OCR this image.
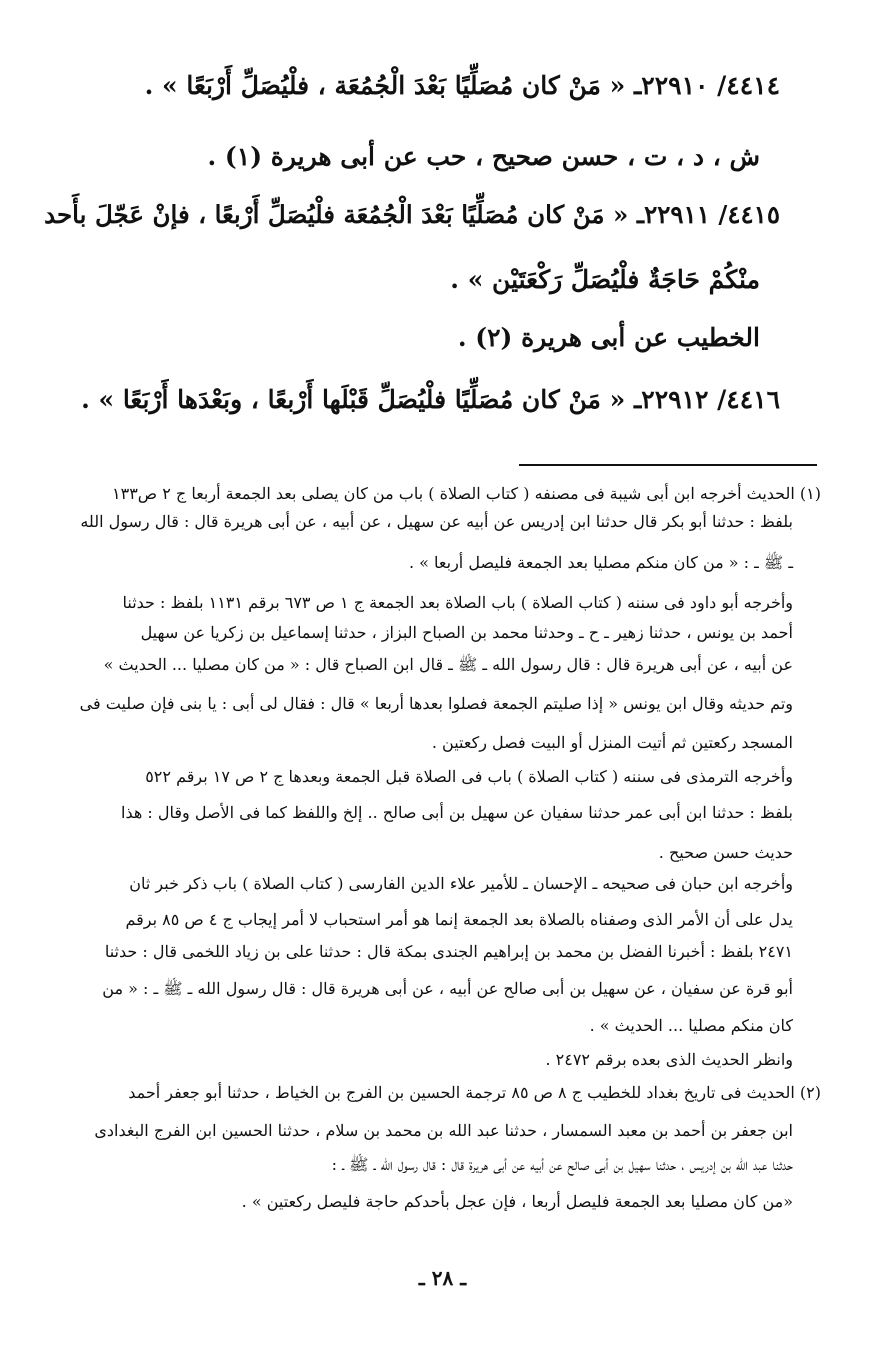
٤٤١٤/ ٢٢٩١٠ـ « مَنْ كان مُصَلِّيًا بَعْدَ الْجُمُعَة ، فلْيُصَلِّ أَرْبَعًا » .
ش ، د ، ت ، حسن صحيح ، حب عن أبى هريرة (١) .
٤٤١٥/ ٢٢٩١١ـ « مَنْ كان مُصَلِّيًا بَعْدَ الْجُمُعَة فلْيُصَلِّ أَرْبعًا ، فإنْ عَجّلَ بأَحد
منْكُمْ حَاجَةٌ فلْيُصَلِّ رَكْعَتَيْن » .
الخطيب عن أبى هريرة (٢) .
٤٤١٦/ ٢٢٩١٢ـ « مَنْ كان مُصَلِّيًا فلْيُصَلِّ قَبْلَها أَرْبعًا ، وبَعْدَها أَرْبَعًا » .
(١) الحديث أخرجه ابن أبى شيبة فى مصنفه ( كتاب الصلاة ) باب من كان يصلى بعد الجمعة أربعا ج ٢ ص١٣٣
بلفظ : حدثنا أبو بكر قال حدثنا ابن إدريس عن أبيه عن سهيل ، عن أبيه ، عن أبى هريرة قال : قال رسول الله
ـ ﷺ ـ : « من كان منكم مصليا بعد الجمعة فليصل أربعا » .
وأخرجه أبو داود فى سننه ( كتاب الصلاة ) باب الصلاة بعد الجمعة ج ١ ص ٦٧٣ برقم ١١٣١ بلفظ : حدثنا
أحمد بن يونس ، حدثنا زهير ـ ح ـ وحدثنا محمد بن الصباح البزاز ، حدثنا إسماعيل بن زكريا عن سهيل
عن أبيه ، عن أبى هريرة قال : قال رسول الله ـ ﷺ ـ قال ابن الصباح قال : « من كان مصليا ... الحديث »
وتم حديثه وقال ابن يونس « إذا صليتم الجمعة فصلوا بعدها أربعا » قال : فقال لى أبى : يا بنى فإن صليت فى
المسجد ركعتين ثم أتيت المنزل أو البيت فصل ركعتين .
وأخرجه الترمذى فى سننه ( كتاب الصلاة ) باب فى الصلاة قبل الجمعة وبعدها ج ٢ ص ١٧ برقم ٥٢٢
بلفظ : حدثنا ابن أبى عمر حدثنا سفيان عن سهيل بن أبى صالح .. إلخ واللفظ كما فى الأصل وقال : هذا
حديث حسن صحيح .
وأخرجه ابن حبان فى صحيحه ـ الإحسان ـ للأمير علاء الدين الفارسى ( كتاب الصلاة ) باب ذكر خبر ثان
يدل على أن الأمر الذى وصفناه بالصلاة بعد الجمعة إنما هو أمر استحباب لا أمر إيجاب ج ٤ ص ٨٥ برقم
٢٤٧١ بلفظ : أخبرنا الفضل بن محمد بن إبراهيم الجندى بمكة قال : حدثنا على بن زياد اللخمى قال : حدثنا
أبو قرة عن سفيان ، عن سهيل بن أبى صالح عن أبيه ، عن أبى هريرة قال : قال رسول الله ـ ﷺ ـ : « من
كان منكم مصليا ... الحديث » .
وانظر الحديث الذى بعده برقم ٢٤٧٢ .
(٢) الحديث فى تاريخ بغداد للخطيب ج ٨ ص ٨٥ ترجمة الحسين بن الفرج بن الخياط ، حدثنا أبو جعفر أحمد
ابن جعفر بن أحمد بن معبد السمسار ، حدثنا عبد الله بن محمد بن سلام ، حدثنا الحسين ابن الفرج البغدادى
حدثنا عبد الله بن إدريس ، حدثنا سهيل بن أبى صالح عن أبيه عن أبى هريرة قال : قال رسول الله ـ ﷺ ـ :
«من كان مصليا بعد الجمعة فليصل أربعا ، فإن عجل بأحدكم حاجة فليصل ركعتين » .
ـ ٢٨ ـ
